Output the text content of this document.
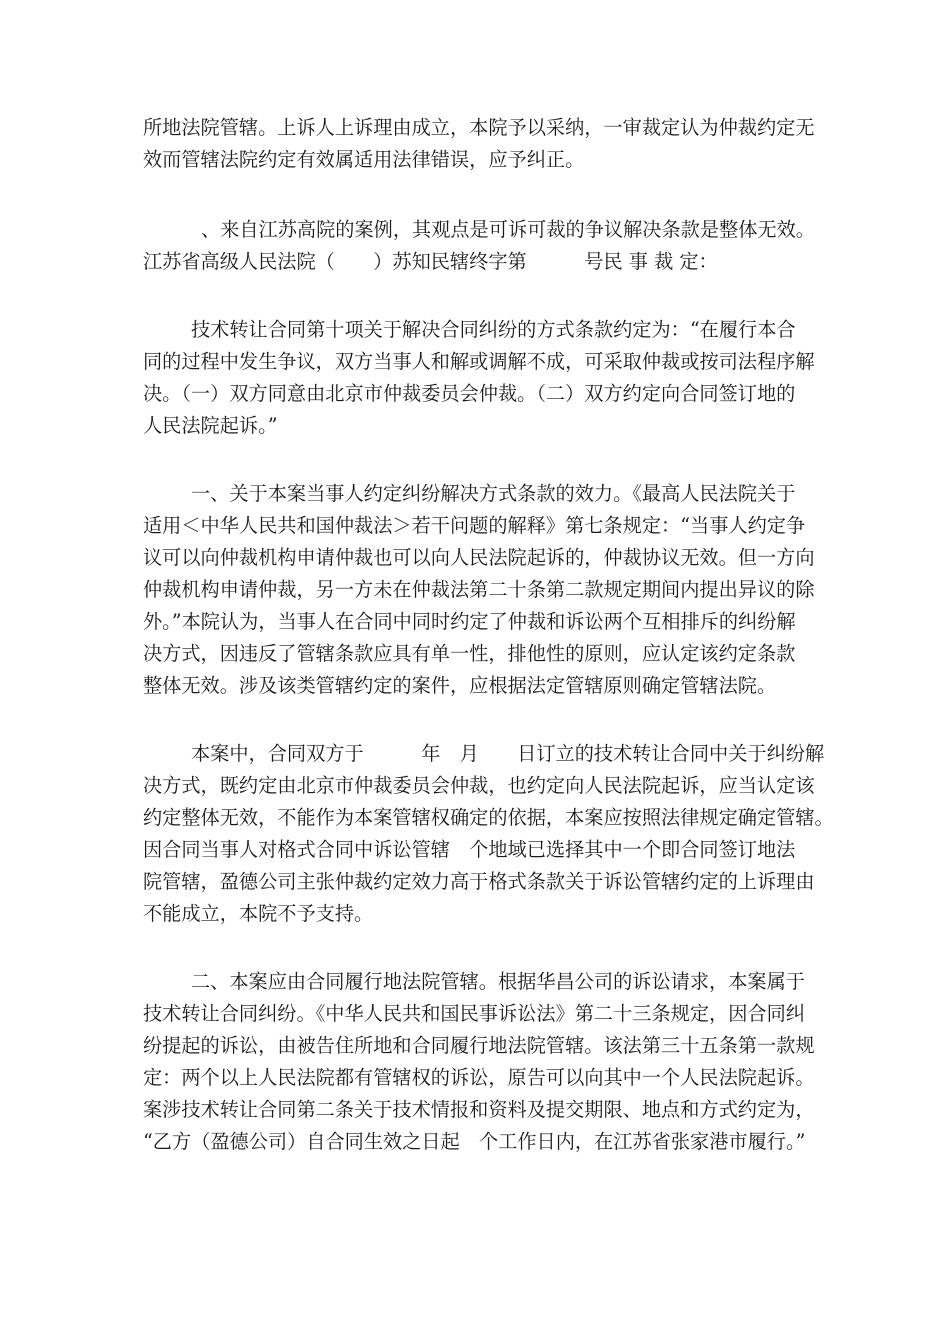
所地法院管辖。上诉人上诉理由成立，本院予以采纳，一审裁定认为仲裁约定无
效而管辖法院约定有效属适用法律错误，应予纠正。
、来自江苏高院的案例，其观点是可诉可裁的争议解决条款是整体无效。
江苏省高级人民法院（　　）苏知民辖终字第　　　号民 事 裁 定：
技术转让合同第十项关于解决合同纠纷的方式条款约定为：“在履行本合
同的过程中发生争议，双方当事人和解或调解不成，可采取仲裁或按司法程序解
决。（一）双方同意由北京市仲裁委员会仲裁。（二）双方约定向合同签订地的
人民法院起诉。”
一、关于本案当事人约定纠纷解决方式条款的效力。《最高人民法院关于
适用＜中华人民共和国仲裁法＞若干问题的解释》第七条规定：“当事人约定争
议可以向仲裁机构申请仲裁也可以向人民法院起诉的，仲裁协议无效。但一方向
仲裁机构申请仲裁，另一方未在仲裁法第二十条第二款规定期间内提出异议的除
外。”本院认为，当事人在合同中同时约定了仲裁和诉讼两个互相排斥的纠纷解
决方式，因违反了管辖条款应具有单一性，排他性的原则，应认定该约定条款
整体无效。涉及该类管辖约定的案件，应根据法定管辖原则确定管辖法院。
本案中，合同双方于　　　年　月　　日订立的技术转让合同中关于纠纷解
决方式，既约定由北京市仲裁委员会仲裁，也约定向人民法院起诉，应当认定该
约定整体无效，不能作为本案管辖权确定的依据，本案应按照法律规定确定管辖。
因合同当事人对格式合同中诉讼管辖　个地域已选择其中一个即合同签订地法
院管辖，盈德公司主张仲裁约定效力高于格式条款关于诉讼管辖约定的上诉理由
不能成立，本院不予支持。
二、本案应由合同履行地法院管辖。根据华昌公司的诉讼请求，本案属于
技术转让合同纠纷。《中华人民共和国民事诉讼法》第二十三条规定，因合同纠
纷提起的诉讼，由被告住所地和合同履行地法院管辖。该法第三十五条第一款规
定：两个以上人民法院都有管辖权的诉讼，原告可以向其中一个人民法院起诉。
案涉技术转让合同第二条关于技术情报和资料及提交期限、地点和方式约定为，
“乙方（盈德公司）自合同生效之日起　个工作日内，在江苏省张家港市履行。”
